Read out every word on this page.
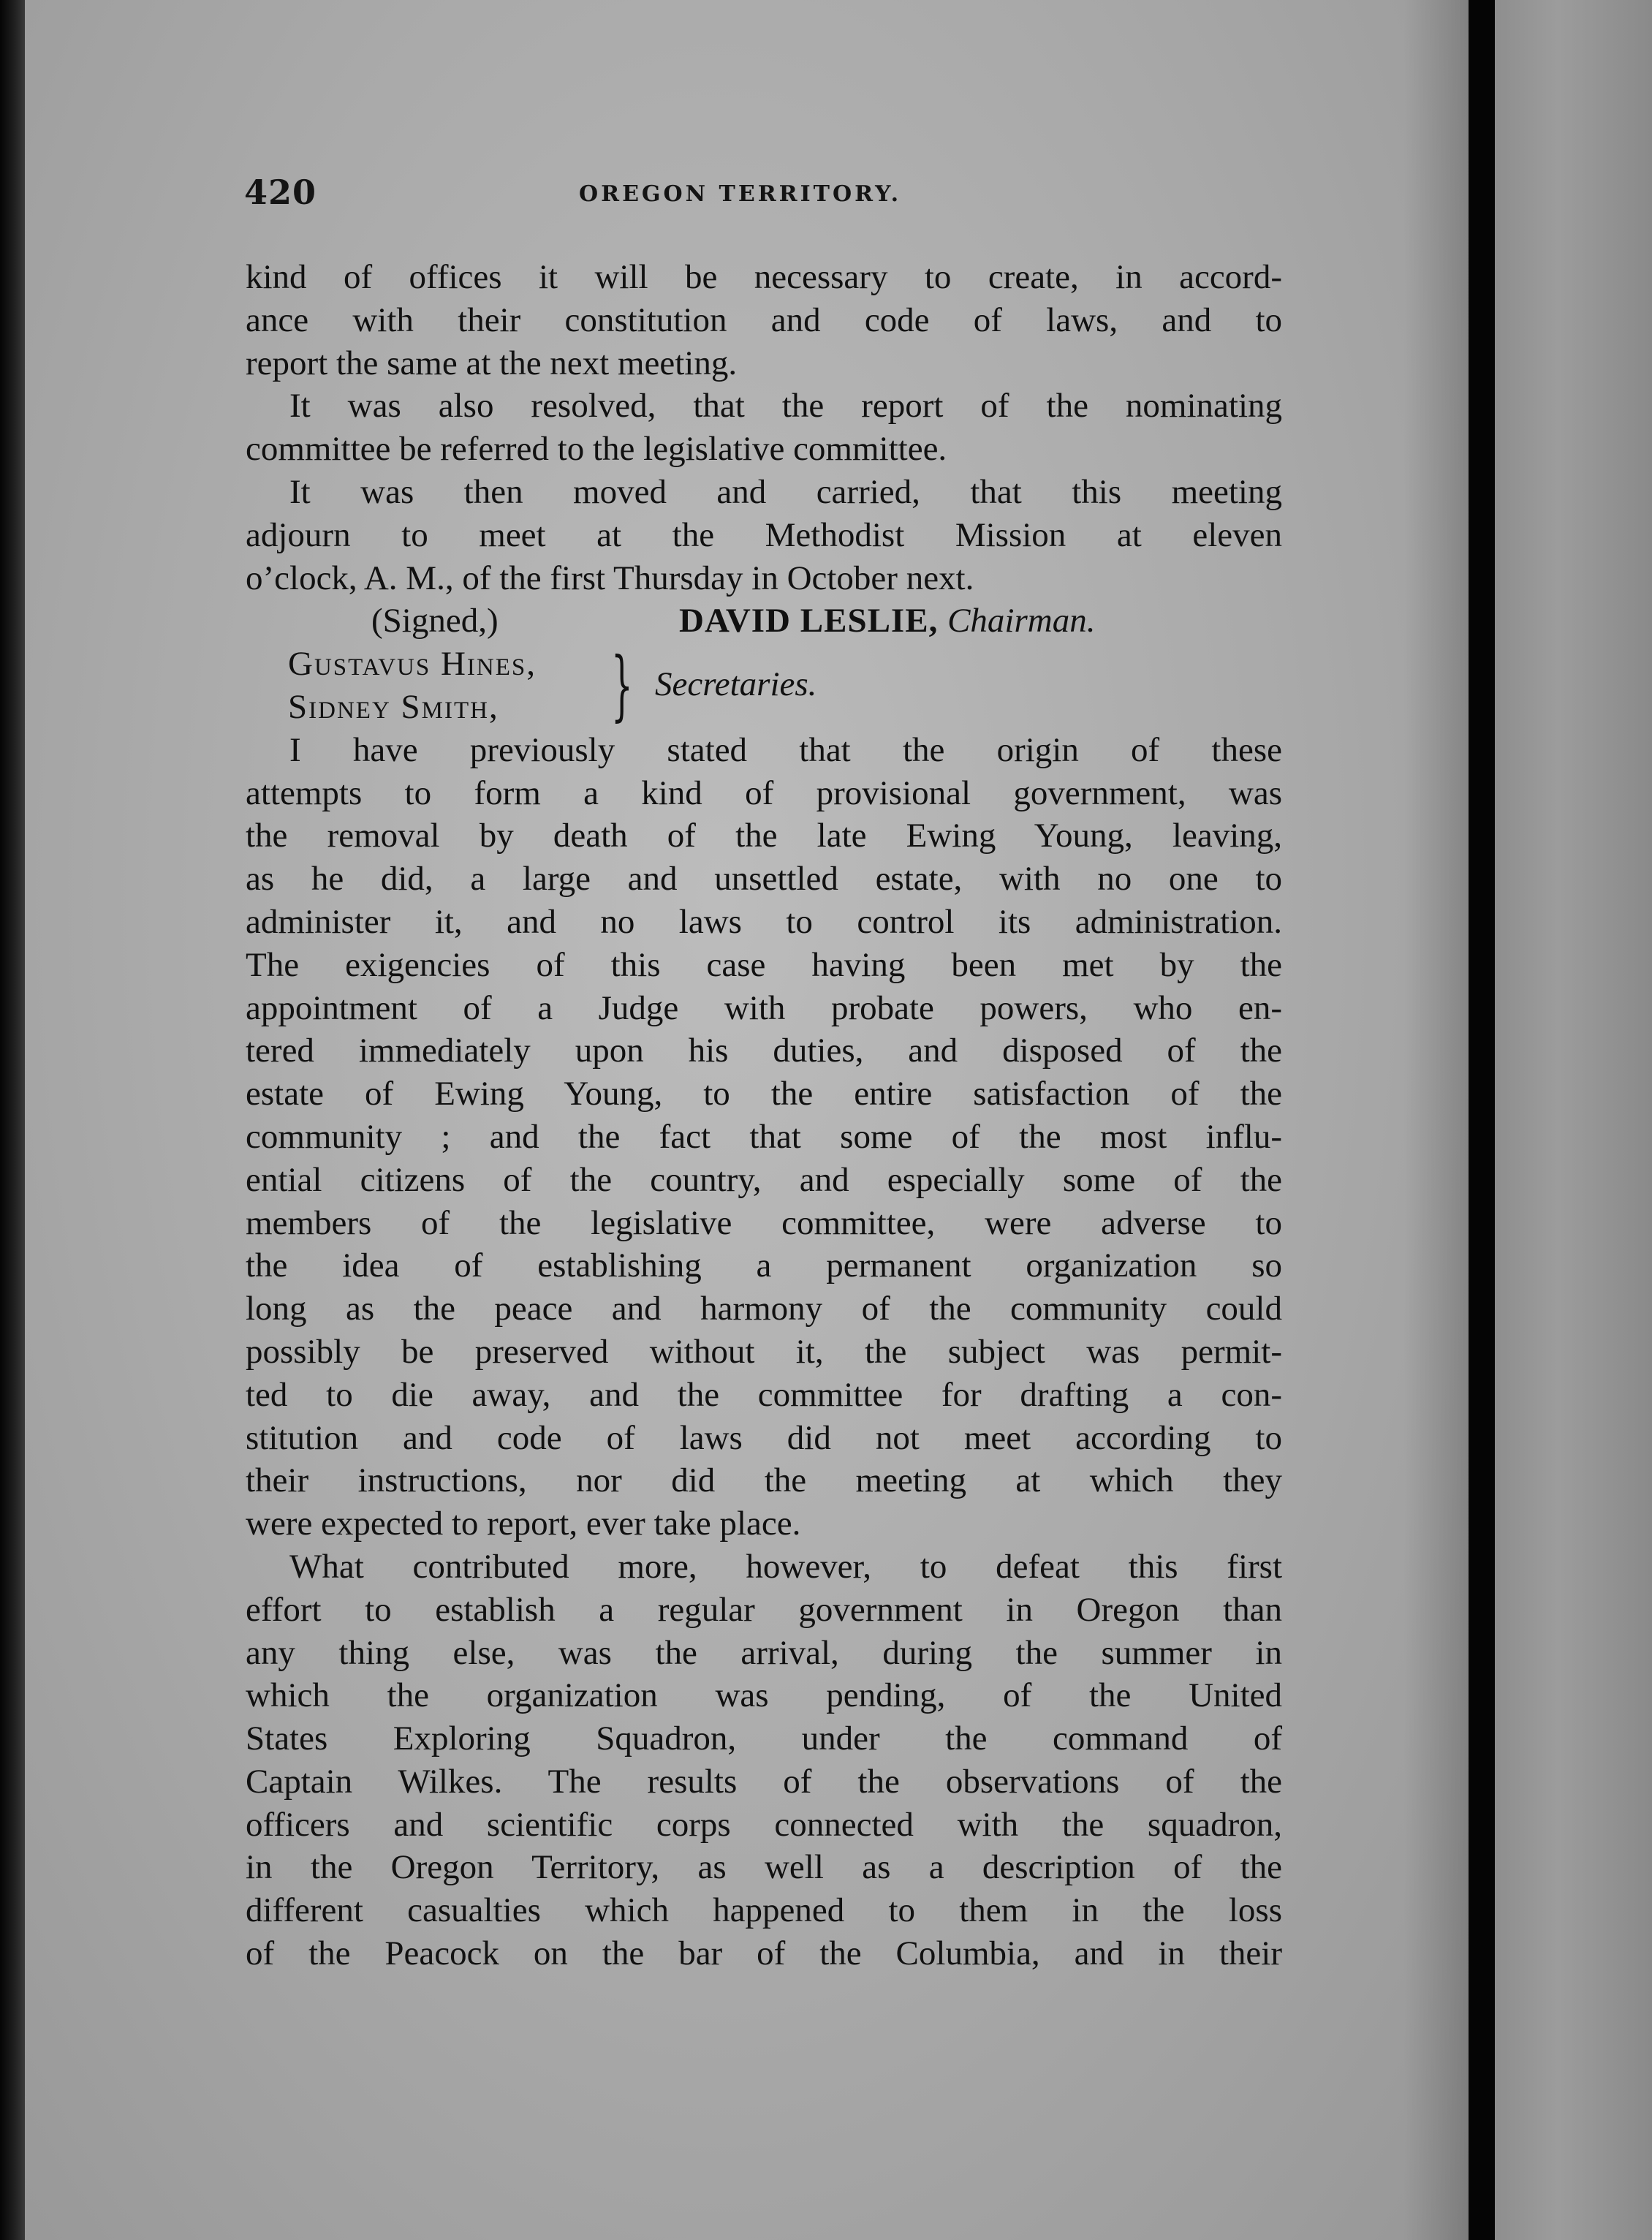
420	OREGON TERRITORY.
kind of offices it will be necessary to create, in accord-
ance with their constitution and code of laws, and to
report the same at the next meeting.
It was also resolved, that the report of the nominating
committee be referred to the legislative committee.
It was then moved and carried, that this meeting
adjourn to meet at the Methodist Mission at eleven
o’clock, A. M., of the first Thursday in October next.
(Signed,)	DAVID LESLIE, Chairman.
Gustavus Hines,
Sidney Smith, } Secretaries.
I have previously stated that the origin of these
attempts to form a kind of provisional government, was
the removal by death of the late Ewing Young, leaving,
as he did, a large and unsettled estate, with no one to
administer it, and no laws to control its administration.
The exigencies of this case having been met by the
appointment of a Judge with probate powers, who en-
tered immediately upon his duties, and disposed of the
estate of Ewing Young, to the entire satisfaction of the
community ; and the fact that some of the most influ-
ential citizens of the country, and especially some of the
members of the legislative committee, were adverse to
the idea of establishing a permanent organization so
long as the peace and harmony of the community could
possibly be preserved without it, the subject was permit-
ted to die away, and the committee for drafting a con-
stitution and code of laws did not meet according to
their instructions, nor did the meeting at which they
were expected to report, ever take place.
What contributed more, however, to defeat this first
effort to establish a regular government in Oregon than
any thing else, was the arrival, during the summer in
which the organization was pending, of the United
States Exploring Squadron, under the command of
Captain Wilkes. The results of the observations of the
officers and scientific corps connected with the squadron,
in the Oregon Territory, as well as a description of the
different casualties which happened to them in the loss
of the Peacock on the bar of the Columbia, and in their
